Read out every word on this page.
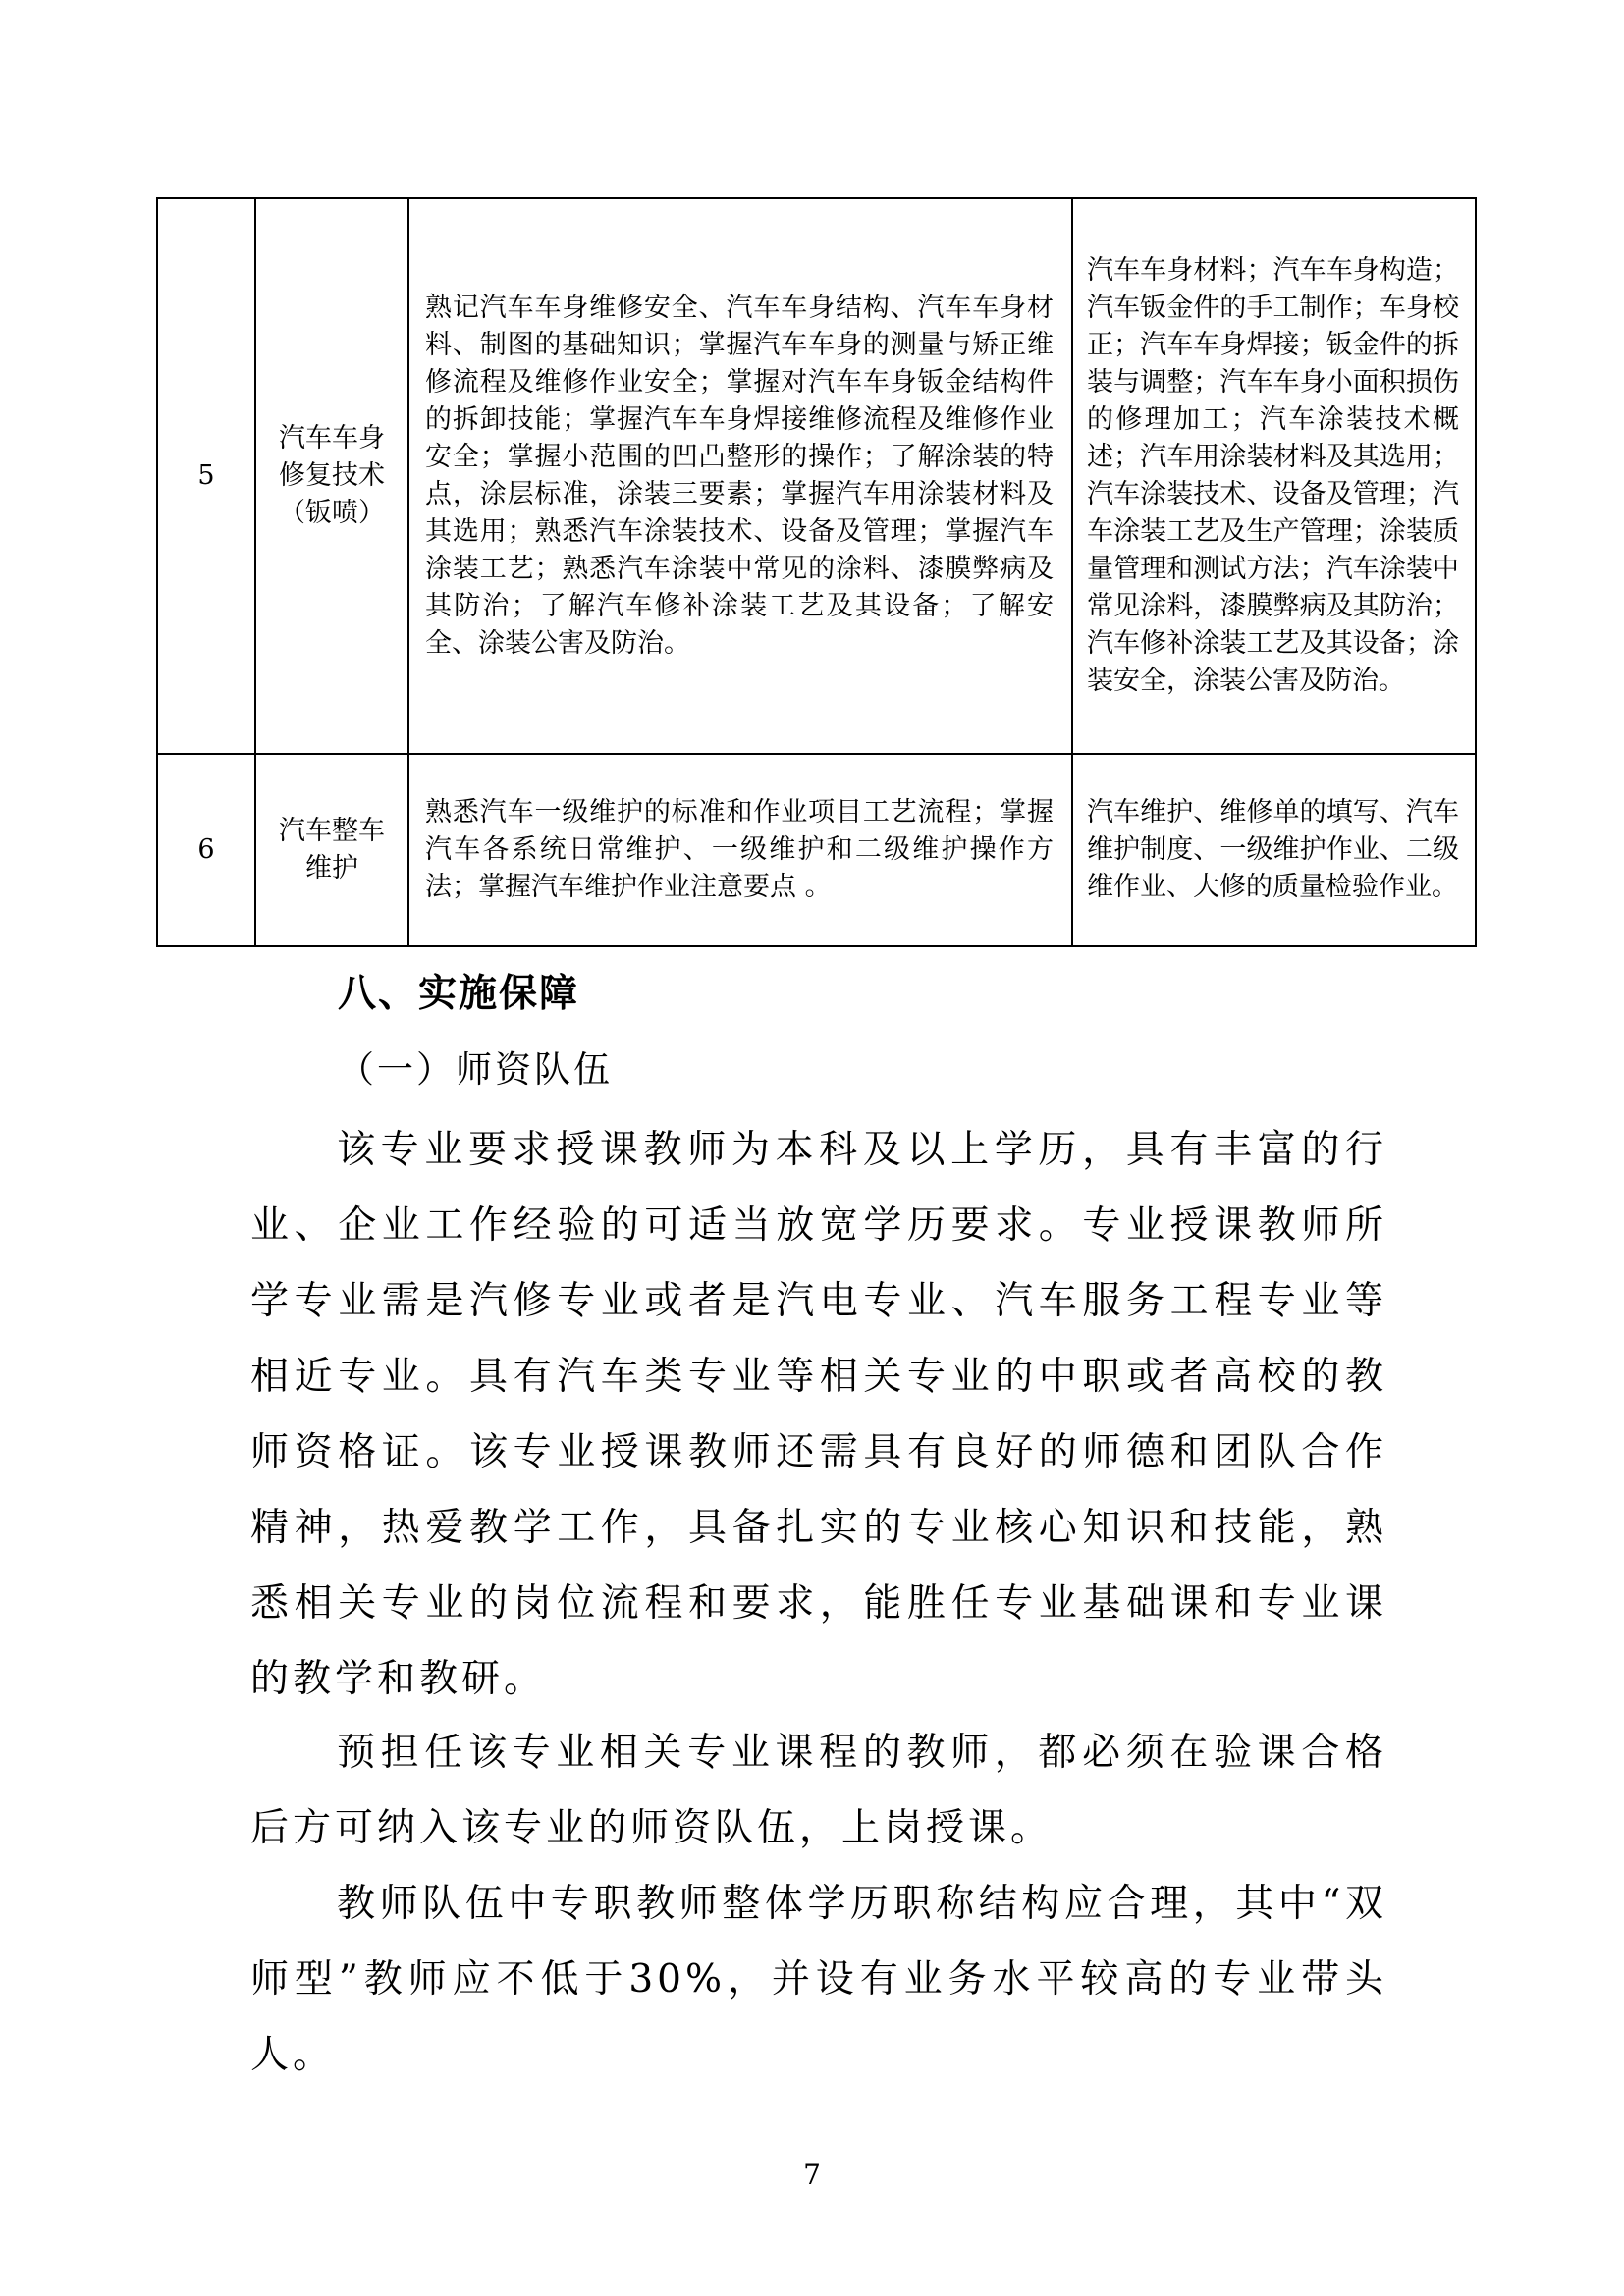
5	汽车车身修复技术（钣喷）	熟记汽车车身维修安全、汽车车身结构、汽车车身材料、制图的基础知识；掌握汽车车身的测量与矫正维修流程及维修作业安全；掌握对汽车车身钣金结构件的拆卸技能；掌握汽车车身焊接维修流程及维修作业安全；掌握小范围的凹凸整形的操作；了解涂装的特点，涂层标准，涂装三要素；掌握汽车用涂装材料及其选用；熟悉汽车涂装技术、设备及管理；掌握汽车涂装工艺；熟悉汽车涂装中常见的涂料、漆膜弊病及其防治；了解汽车修补涂装工艺及其设备；了解安全、涂装公害及防治。	汽车车身材料；汽车车身构造；汽车钣金件的手工制作；车身校正；汽车车身焊接；钣金件的拆装与调整；汽车车身小面积损伤的修理加工；汽车涂装技术概述；汽车用涂装材料及其选用；汽车涂装技术、设备及管理；汽车涂装工艺及生产管理；涂装质量管理和测试方法；汽车涂装中常见涂料，漆膜弊病及其防治；汽车修补涂装工艺及其设备；涂装安全，涂装公害及防治。
6	汽车整车维护	熟悉汽车一级维护的标准和作业项目工艺流程；掌握汽车各系统日常维护、一级维护和二级维护操作方法；掌握汽车维护作业注意要点 。	汽车维护、维修单的填写、汽车维护制度、一级维护作业、二级维作业、大修的质量检验作业。
八、实施保障
（一）师资队伍

该专业要求授课教师为本科及以上学历，具有丰富的行业、企业工作经验的可适当放宽学历要求。专业授课教师所学专业需是汽修专业或者是汽电专业、汽车服务工程专业等相近专业。具有汽车类专业等相关专业的中职或者高校的教师资格证。该专业授课教师还需具有良好的师德和团队合作精神，热爱教学工作，具备扎实的专业核心知识和技能，熟悉相关专业的岗位流程和要求，能胜任专业基础课和专业课的教学和教研。

预担任该专业相关专业课程的教师，都必须在验课合格后方可纳入该专业的师资队伍，上岗授课。

教师队伍中专职教师整体学历职称结构应合理，其中“双师型”教师应不低于30%，并设有业务水平较高的专业带头人。

7
